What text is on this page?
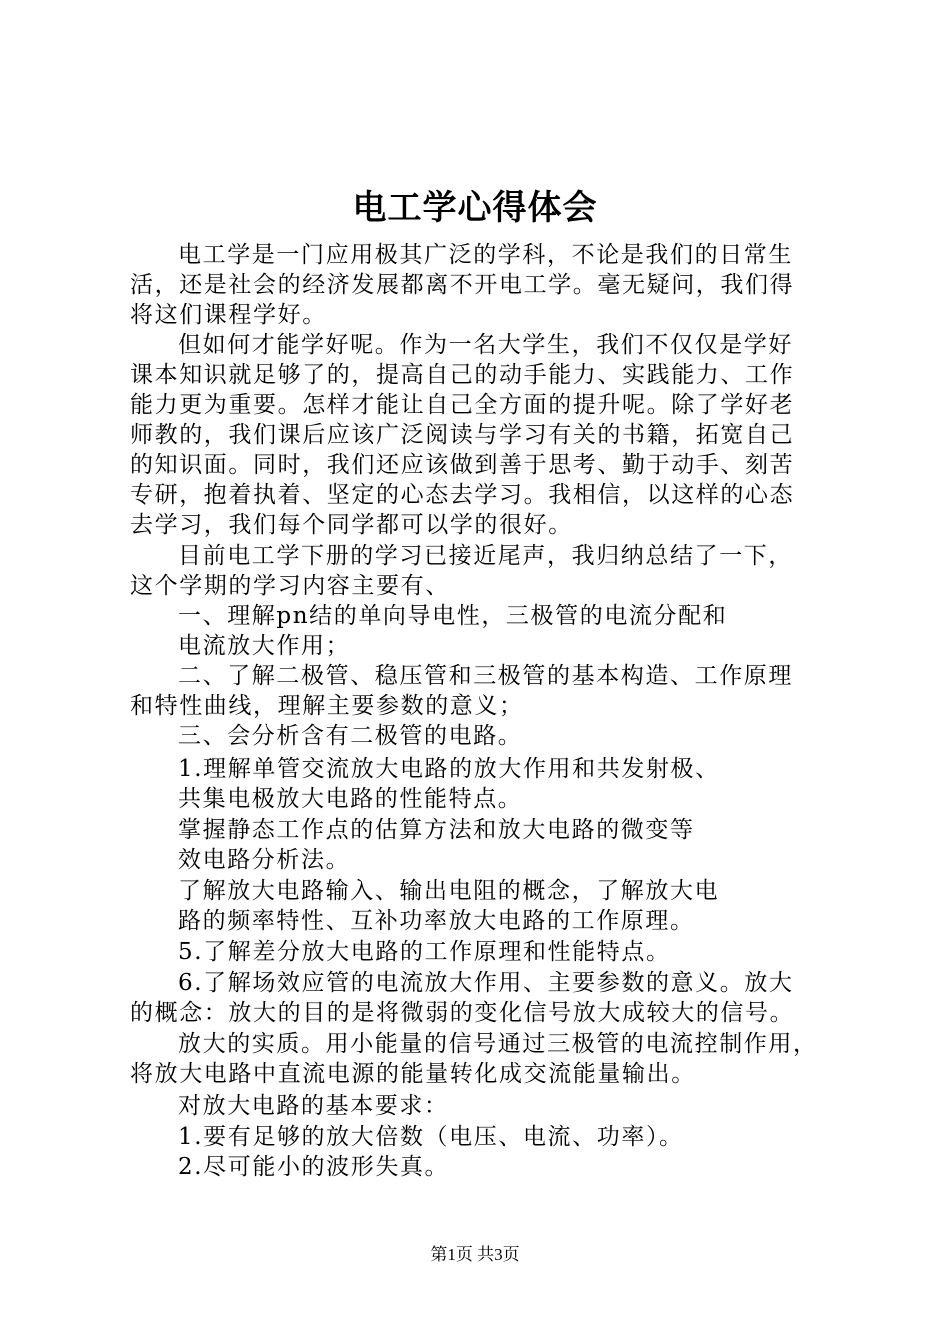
电工学心得体会
电工学是一门应用极其广泛的学科，不论是我们的日常生
活，还是社会的经济发展都离不开电工学。毫无疑问，我们得
将这们课程学好。
但如何才能学好呢。作为一名大学生，我们不仅仅是学好
课本知识就足够了的，提高自己的动手能力、实践能力、工作
能力更为重要。怎样才能让自己全方面的提升呢。除了学好老
师教的，我们课后应该广泛阅读与学习有关的书籍，拓宽自己
的知识面。同时，我们还应该做到善于思考、勤于动手、刻苦
专研，抱着执着、坚定的心态去学习。我相信，以这样的心态
去学习，我们每个同学都可以学的很好。
目前电工学下册的学习已接近尾声，我归纳总结了一下，
这个学期的学习内容主要有、
一、理解pn结的单向导电性，三极管的电流分配和
电流放大作用；
二、了解二极管、稳压管和三极管的基本构造、工作原理
和特性曲线，理解主要参数的意义；
三、会分析含有二极管的电路。
1.理解单管交流放大电路的放大作用和共发射极、
共集电极放大电路的性能特点。
掌握静态工作点的估算方法和放大电路的微变等
效电路分析法。
了解放大电路输入、输出电阻的概念，了解放大电
路的频率特性、互补功率放大电路的工作原理。
5.了解差分放大电路的工作原理和性能特点。
6.了解场效应管的电流放大作用、主要参数的意义。放大
的概念：放大的目的是将微弱的变化信号放大成较大的信号。
放大的实质。用小能量的信号通过三极管的电流控制作用，
将放大电路中直流电源的能量转化成交流能量输出。
对放大电路的基本要求：
1.要有足够的放大倍数（电压、电流、功率）。
2.尽可能小的波形失真。
第1页 共3页
